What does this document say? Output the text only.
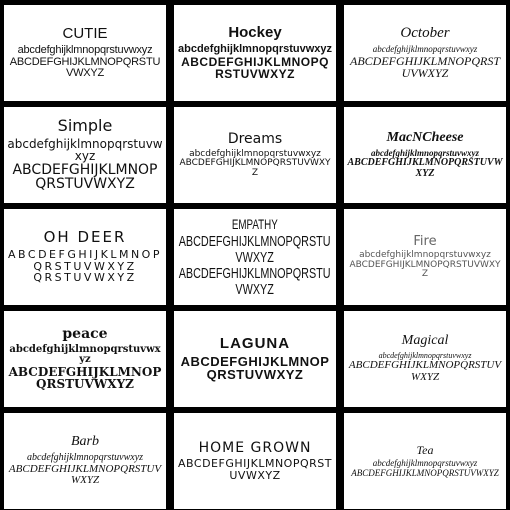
CUTIE
abcdefghijklmnopqrstuvwxyz
ABCDEFGHIJKLMNOPQRSTUVWXYZ
Hockey
abcdefghijklmnopqrstuvwxyz
ABCDEFGHIJKLMNOPQRSTUVWXYZ
October
abcdefghijklmnopqrstuvwxyz
ABCDEFGHIJKLMNOPQRSTUVWXYZ
Simple
abcdefghijklmnopqrstuvwxyz
ABCDEFGHIJKLMNOPQRSTUVWXYZ
Dreams
abcdefghijklmnopqrstuvwxyz
ABCDEFGHIJKLMNOPQRSTUVWXYZ
MacNCheese
abcdefghijklmnopqrstuvwxyz
ABCDEFGHIJKLMNOPQRSTUVWXYZ
OH DEER
ABCDEFGHIJKLMNOPQRSTUVWXYZ
QRSTUVWXYZ
EMPATHY
ABCDEFGHIJKLMNOPQRSTUVWXYZ
ABCDEFGHIJKLMNOPQRSTUVWXYZ
Fire
abcdefghijklmnopqrstuvwxyz
ABCDEFGHIJKLMNOPQRSTUVWXYZ
peace
abcdefghijklmnopqrstuvwxyz
ABCDEFGHIJKLMNOPQRSTUVWXYZ
LAGUNA
ABCDEFGHIJKLMNOPQRSTUVWXYZ
Magical
abcdefghijklmnopqrstuvwxyz
ABCDEFGHIJKLMNOPQRSTUVWXYZ
Barb
abcdefghijklmnopqrstuvwxyz
ABCDEFGHIJKLMNOPQRSTUVWXYZ
HOME GROWN
ABCDEFGHIJKLMNOPQRSTUVWXYZ
Tea
abcdefghijklmnopqrstuvwxyz
ABCDEFGHIJKLMNOPQRSTUVWXYZ
